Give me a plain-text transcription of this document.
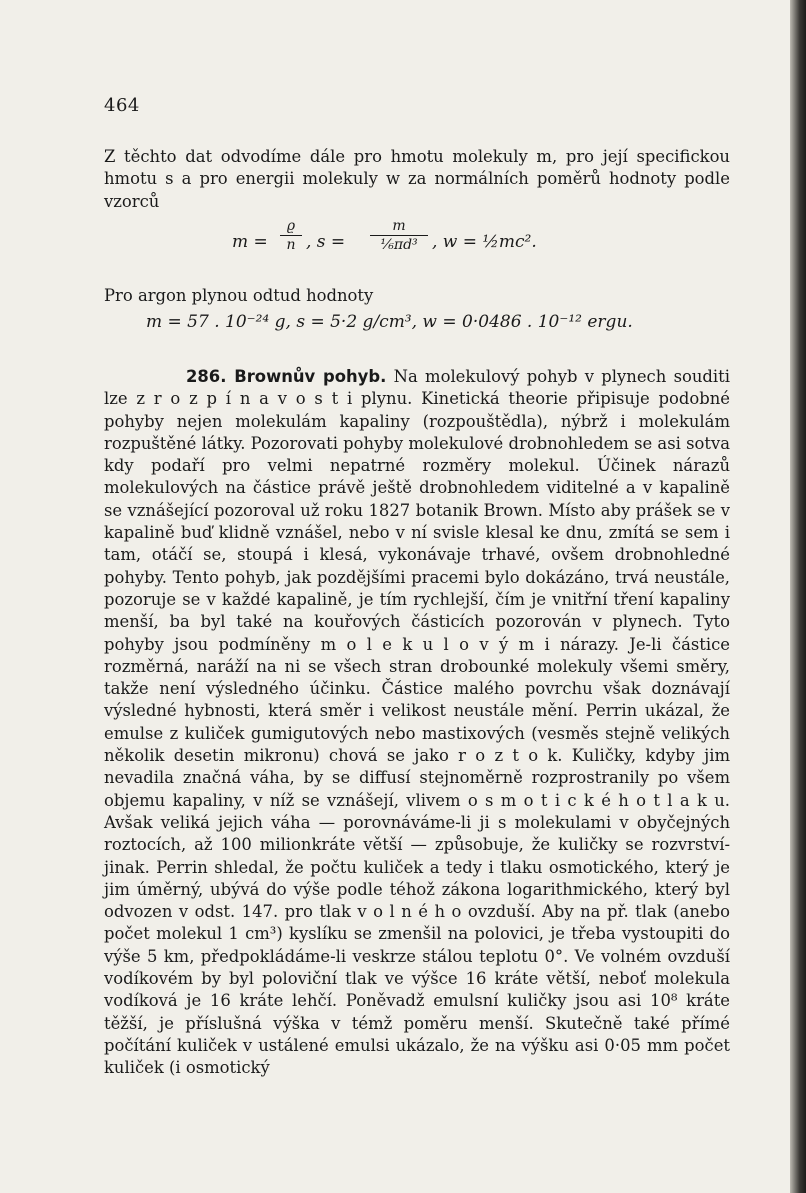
464
Z těchto dat odvodíme dále pro hmotu molekuly m, pro její specifickou hmotu s a pro energii molekuly w za normálních poměrů hodnoty podle vzorců
m =
ϱ
n , s =
m
⅙πd³ , w = ½mc².
Pro argon plynou odtud hodnoty
m = 57 . 10⁻²⁴ g, s = 5·2 g/cm³, w = 0·0486 . 10⁻¹² ergu.
286. Brownův pohyb. Na molekulový pohyb v plynech souditi lze z r o z p í n a v o s t i plynu. Kinetická theorie připisuje podobné pohyby nejen molekulám kapaliny (rozpouštědla), nýbrž i molekulám rozpuštěné látky. Pozorovati pohyby molekulové drobnohledem se asi sotva kdy podaří pro velmi nepatrné rozměry molekul. Účinek nárazů molekulových na částice právě ještě drobnohledem viditelné a v kapalině se vznášející pozoroval už roku 1827 botanik Brown. Místo aby prášek se v kapalině buď klidně vznášel, nebo v ní svisle klesal ke dnu, zmítá se sem i tam, otáčí se, stoupá i klesá, vykonávaje trhavé, ovšem drobnohledné pohyby. Tento pohyb, jak pozdějšími pracemi bylo dokázáno, trvá neustále, pozoruje se v každé kapalině, je tím rychlejší, čím je vnitřní tření kapaliny menší, ba byl také na kouřových částicích pozorován v plynech. Tyto pohyby jsou podmíněny m o l e k u l o v ý m i nárazy. Je-li částice rozměrná, naráží na ni se všech stran drobounké molekuly všemi směry, takže není výsledného účinku. Částice malého povrchu však doznávají výsledné hybnosti, která směr i velikost neustále mění. Perrin ukázal, že emulse z kuliček gumigutových nebo mastixových (vesměs stejně velikých několik desetin mikronu) chová se jako r o z t o k. Kuličky, kdyby jim nevadila značná váha, by se diffusí stejnoměrně rozprostranily po všem objemu kapaliny, v níž se vznášejí, vlivem o s m o t i c k é h o t l a k u. Avšak veliká jejich váha — porovnáváme-li ji s molekulami v obyčejných roztocích, až 100 milionkráte větší — způsobuje, že kuličky se rozvrství-jinak. Perrin shledal, že počtu kuliček a tedy i tlaku osmotického, který je jim úměrný, ubývá do výše podle téhož zákona logarithmického, který byl odvozen v odst. 147. pro tlak v o l n é h o ovzduší. Aby na př. tlak (anebo počet molekul 1 cm³) kyslíku se zmenšil na polovici, je třeba vystoupiti do výše 5 km, předpokládáme-li veskrze stálou teplotu 0°. Ve volném ovzduší vodíkovém by byl poloviční tlak ve výšce 16 kráte větší, neboť molekula vodíková je 16 kráte lehčí. Poněvadž emulsní kuličky jsou asi 10⁸ kráte těžší, je příslušná výška v témž poměru menší. Skutečně také přímé počítání kuliček v ustálené emulsi ukázalo, že na výšku asi 0·05 mm počet kuliček (i osmotický
